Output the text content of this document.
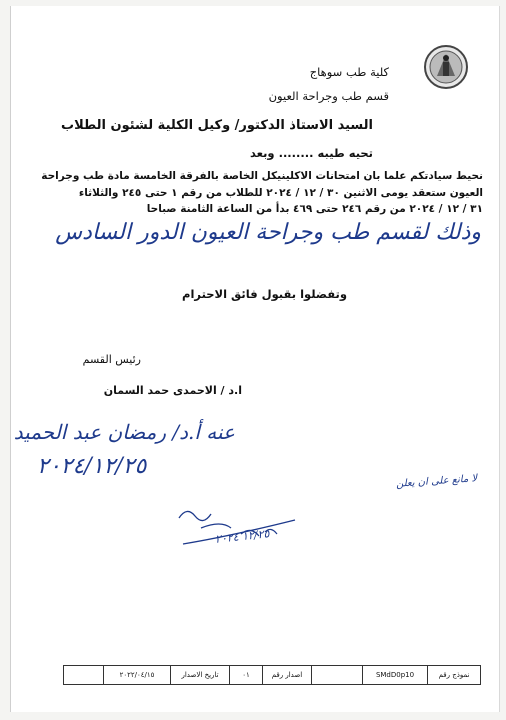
كلية طب سوهاج
قسم طب وجراحة العيون
السيد الاستاذ الدكتور/ وكيل الكلية لشئون الطلاب
تحيه طيبه ........ وبعد
نحيط سيادتكم علما بان امتحانات الاكلينيكل الخاصة بالفرقة الخامسة مادة طب وجراحة
العيون ستعقد يومى الاثنين ٣٠ / ١٢ / ٢٠٢٤ للطلاب من رقم ١ حتى ٢٤٥ والثلاثاء
٣١ / ١٢ / ٢٠٢٤ من رقم ٢٤٦ حتى ٤٦٩ بدأ من الساعة الثامنة صباحا
وذلك لقسم طب وجراحة العيون الدور السادس
وتفضلوا بقبول فائق الاحترام
رئيس القسم
ا.د / الاحمدى حمد السمان
عنه أ.د/ رمضان عبد الحميد
٢٠٢٤/١٢/٢٥
لا مانع على ان يعلن
١٢/٢٥ ٢٠٢٤
نموذج رقم
SMdD0p10
اصدار رقم
٠١
تاريخ الاصدار
٢٠٢٢/٠٤/١٥
